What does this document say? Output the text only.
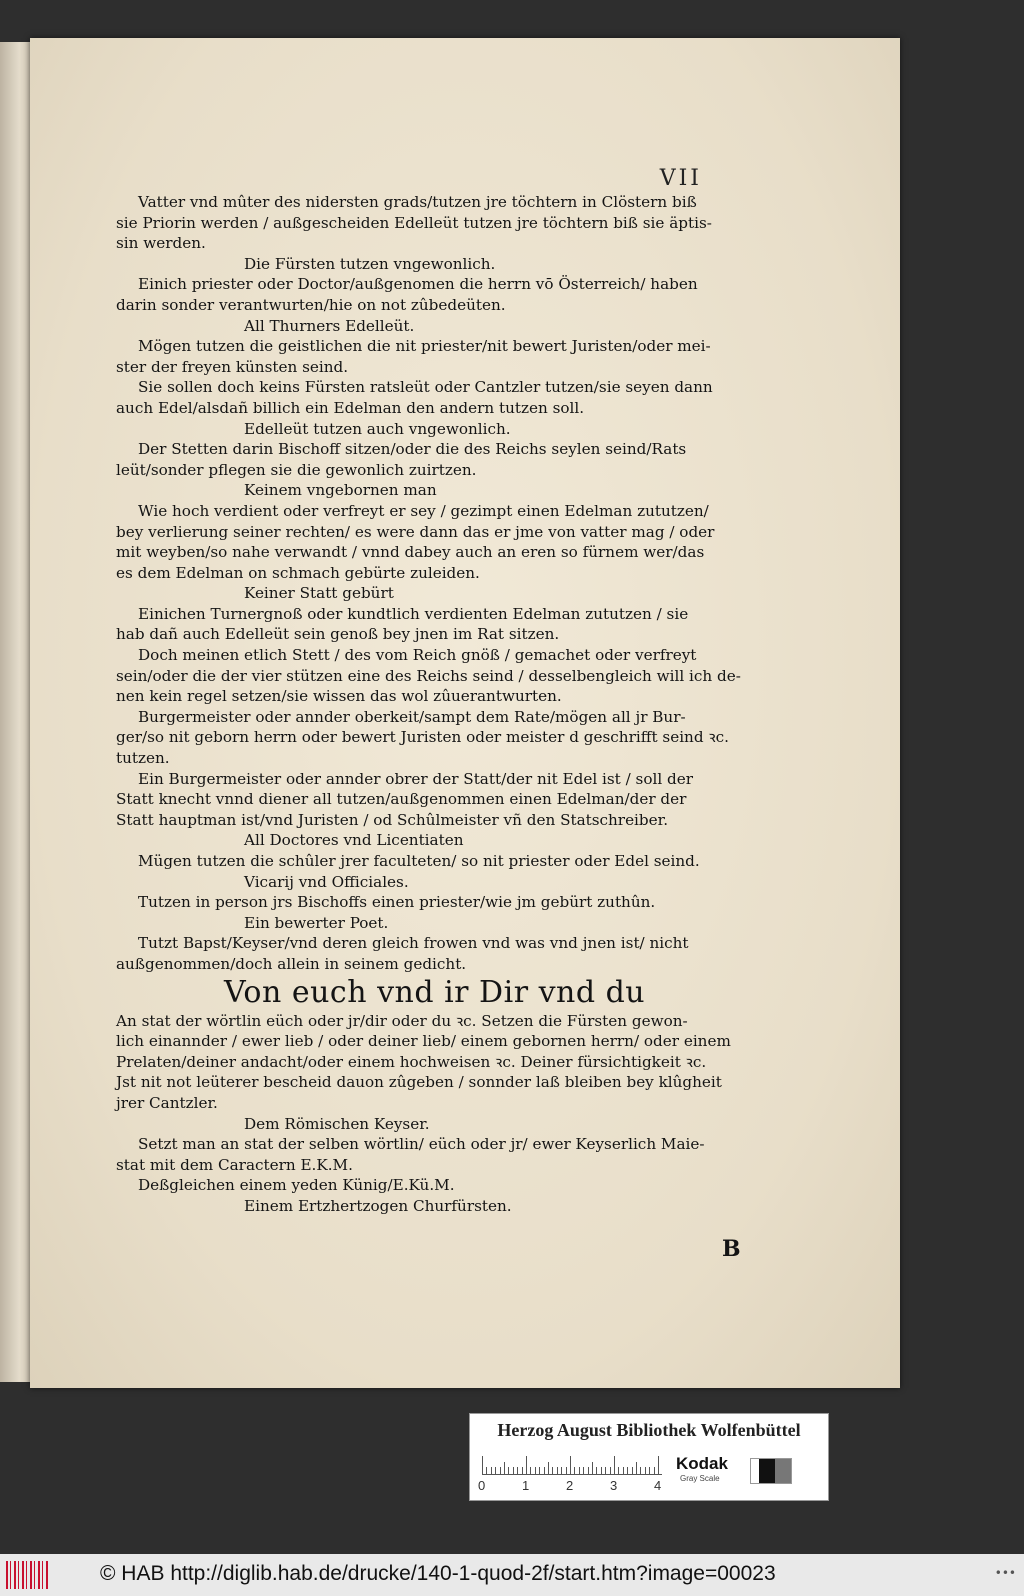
VII

Vatter vnd mûter des nidersten grads/tutzen jre töchtern in Clöstern biß

sie Priorin werden / außgescheiden Edelleüt tutzen jre töchtern biß sie äptis-

sin werden.

Die Fürsten tutzen vngewonlich.

Einich priester oder Doctor/außgenomen die herrn vō Österreich/ haben

darin sonder verantwurten/hie on not zûbedeüten.

All Thurners Edelleüt.

Mögen tutzen die geistlichen die nit priester/nit bewert Juristen/oder mei-

ster der freyen künsten seind.

Sie sollen doch keins Fürsten ratsleüt oder Cantzler tutzen/sie seyen dann

auch Edel/alsdañ billich ein Edelman den andern tutzen soll.

Edelleüt tutzen auch vngewonlich.

Der Stetten darin Bischoff sitzen/oder die des Reichs seylen seind/Rats

leüt/sonder pflegen sie die gewonlich zuirtzen.

Keinem vngebornen man

Wie hoch verdient oder verfreyt er sey / gezimpt einen Edelman zututzen/

bey verlierung seiner rechten/ es were dann das er jme von vatter mag / oder

mit weyben/so nahe verwandt / vnnd dabey auch an eren so fürnem wer/das

es dem Edelman on schmach gebürte zuleiden.

Keiner Statt gebürt

Einichen Turnergnoß oder kundtlich verdienten Edelman zututzen / sie

hab dañ auch Edelleüt sein genoß bey jnen im Rat sitzen.

Doch meinen etlich Stett / des vom Reich gnöß / gemachet oder verfreyt

sein/oder die der vier stützen eine des Reichs seind / desselbengleich will ich de-

nen kein regel setzen/sie wissen das wol zûuerantwurten.

Burgermeister oder annder oberkeit/sampt dem Rate/mögen all jr Bur-

ger/so nit geborn herrn oder bewert Juristen oder meister d geschrifft seind ꝛc.

tutzen.

Ein Burgermeister oder annder obrer der Statt/der nit Edel ist / soll der

Statt knecht vnnd diener all tutzen/außgenommen einen Edelman/der der

Statt hauptman ist/vnd Juristen / od Schûlmeister vñ den Statschreiber.

All Doctores vnd Licentiaten

Mügen tutzen die schûler jrer faculteten/ so nit priester oder Edel seind.

Vicarij vnd Officiales.

Tutzen in person jrs Bischoffs einen priester/wie jm gebürt zuthûn.

Ein bewerter Poet.

Tutzt Bapst/Keyser/vnd deren gleich frowen vnd was vnd jnen ist/ nicht

außgenommen/doch allein in seinem gedicht.

Von euch vnd ir Dir vnd du

An stat der wörtlin eüch oder jr/dir oder du ꝛc. Setzen die Fürsten gewon-

lich einannder / ewer lieb / oder deiner lieb/ einem gebornen herrn/ oder einem

Prelaten/deiner andacht/oder einem hochweisen ꝛc. Deiner fürsichtigkeit ꝛc.

Jst nit not leüterer bescheid dauon zûgeben / sonnder laß bleiben bey klûgheit

jrer Cantzler.

Dem Römischen Keyser.

Setzt man an stat der selben wörtlin/ eüch oder jr/ ewer Keyserlich Maie-

stat mit dem Caractern E.K.M.

Deßgleichen einem yeden Künig/E.Kü.M.

Einem Ertzhertzogen Churfürsten.

B
Herzog August Bibliothek Wolfenbüttel
0	1	2	3	4
Kodak
Gray Scale
© HAB http://diglib.hab.de/drucke/140-1-quod-2f/start.htm?image=00023	•••
